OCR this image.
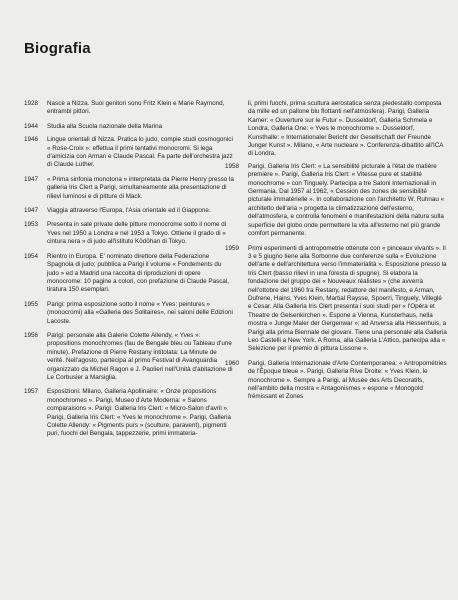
Biografia
1928	Nasce a Nizza. Suoi genitori sono Fritz Klein e Marie Raymond, entrambi pittori.

1944	Studia alla Scuola nazionale della Marina

1946	Lingue orientali di Nizza. Pratica lo judo; compie studi cosmogonici « Rose-Croix »: effettua il primi tentativi monocromi. Si lega d'amicizia con Arman e Claude Pascal. Fa parte dell'orchestra jazz di Claude Luther.

1947	« Prima sinfonia monotona » interpretata da Pierre Henry presso la galleria Iris Clert a Parigi, simultaneamente alla presentazione di rilievi luminosi e di pitture di Mack.

1947	Viaggia attraverso l'Europa, l'Asia orientale ed il Giappone.

1953	Presenta in sale private delle pitture monocrome sotto il nome di Yves nel 1950 a Londra e nel 1953 a Tokyo. Ottiene il grado di « cintura nera » di judo all'istituto Kōdōhan di Tokyo.

1954	Rientro in Europa. E' nominato direttore della Federazione Spagnola di judo; pubblica a Parigi il volume « Fondements du judo » ed a Madrid una raccolta di riproduzioni di opere monocrome: 10 pagine a colori, con prefazione di Claude Pascal, tiratura 150 esemplari.

1955	Parigi: prima esposizione sotto il nome « Yves: peintures » (monocromi) alla «Galleria des Solitaires», nei saloni delle Edizioni Lacoste.

1956	Parigi: personale alla Galerie Colette Allendy, « Yves »: propositions monochromes (fau de Bengale bleu ou Tableau d'une minute). Prefazione di Pierre Restany intitolata: La Minute de verité. Nell'agosto, partecipa al primo Festival di Avanguardia organizzato da Michel Ragon e J. Paolieri nell'Unità d'abitazione di Le Corbusier a Marsiglia.

1957	Esposizioni: Milano, Galleria Apollinaire: « Onze propositions monochromes ». Parigi, Museo d'Arte Moderna: « Salons comparaisons ». Parigi: Galleria Iris Clert: « Micro-Salon d'avril ». Parigi, Galleria Iris Clert: « Yves le monochrome ». Parigi, Galleria Colette Allendy: « Pigments purs » (sculture, paravent), pigmenti puri, fuochi del Bengala, tappezzerie, primi immateria-

li, primi fuochi, prima scultura aerostatica senza piedestallo composta da mille ed un pallone blu flottanti nell'atmosfera). Parigi, Galleria Kamer: « Ouverture sur le Futur ». Dusseldorf, Galleria Schmela e Londra, Galleria One: « Yves le monochrome ». Dusseldorf, Kunsthalle: « Internationaler Bericht der Gesellschaft der Freunde Junger Kunst ». Milano, « Arte nucleare ». Conferenza-dibattito all'ICA di Londra.

1958	Parigi, Galleria Iris Clert: « La sensibilité picturale à l'état de matière première ». Parigi, Galleria Iris Clert: « Vitesse pure et stabilité monochrome » con Tinguely. Partecipa a tre Saloni Internazionali in Germania. Dal 1957 al 1962, « Cession des zones de sensibilité picturale immatérielle ». In collaborazione con l'architetto W. Ruhnau « architetto dell'aria » progetta la climatizzazione dell'esterno, dell'atmosfera, e controlla fenomeni e manifestazioni della natura sulla superficie del globo onde permettere la vita all'esterno nel più grande comfort permanente.

1959	Primi esperimenti di antropometrie ottenute con « pinceaux vivants ». Il 3 e 5 giugno tiene alla Sorbonne due conferenze sulla « Evoluzione dell'arte e dell'architettura verso l'immaterialità ». Esposizione presso la Iris Clert (basso rilievi in una foresta di spugne). Si elabora la fondazione del gruppo dei « Nouveaux réalistes » (che avverrà nell'ottobre del 1960 fra Restany, redattore del manifesto, e Arman, Dufrene, Hains, Yves Klein, Martial Raysse, Spoerri, Tinguely, Villeglé e Cesar. Alla Galleria Iris Clert presenta i suoi studi per « l'Opéra et Theatre de Gelsenkirchen ». Espone a Vienna, Kunsterhaus, nella mostra « Junge Maler der Gergenwar »; ad Anversa alla Hessenhuis, a Parigi alla prima Biennale dei giovani. Tiene una personale alla Galleria Leo Castelli a New York. A Roma, alla Galleria L'Attico, partecipa alla « Selezione per il premio di pittura Lissone ».

1960	Parigi, Galleria Internazionale d'Arte Contemporanea: « Antropométries de l'Époque bleue ». Parigi, Galleria Rive Droite: « Yves Klein, le monochrome ». Sempre a Parigi, al Musée des Arts Decoratifs, nell'ambito della mostra « Antagonismes » espone « Monogold frémissant et Zones
